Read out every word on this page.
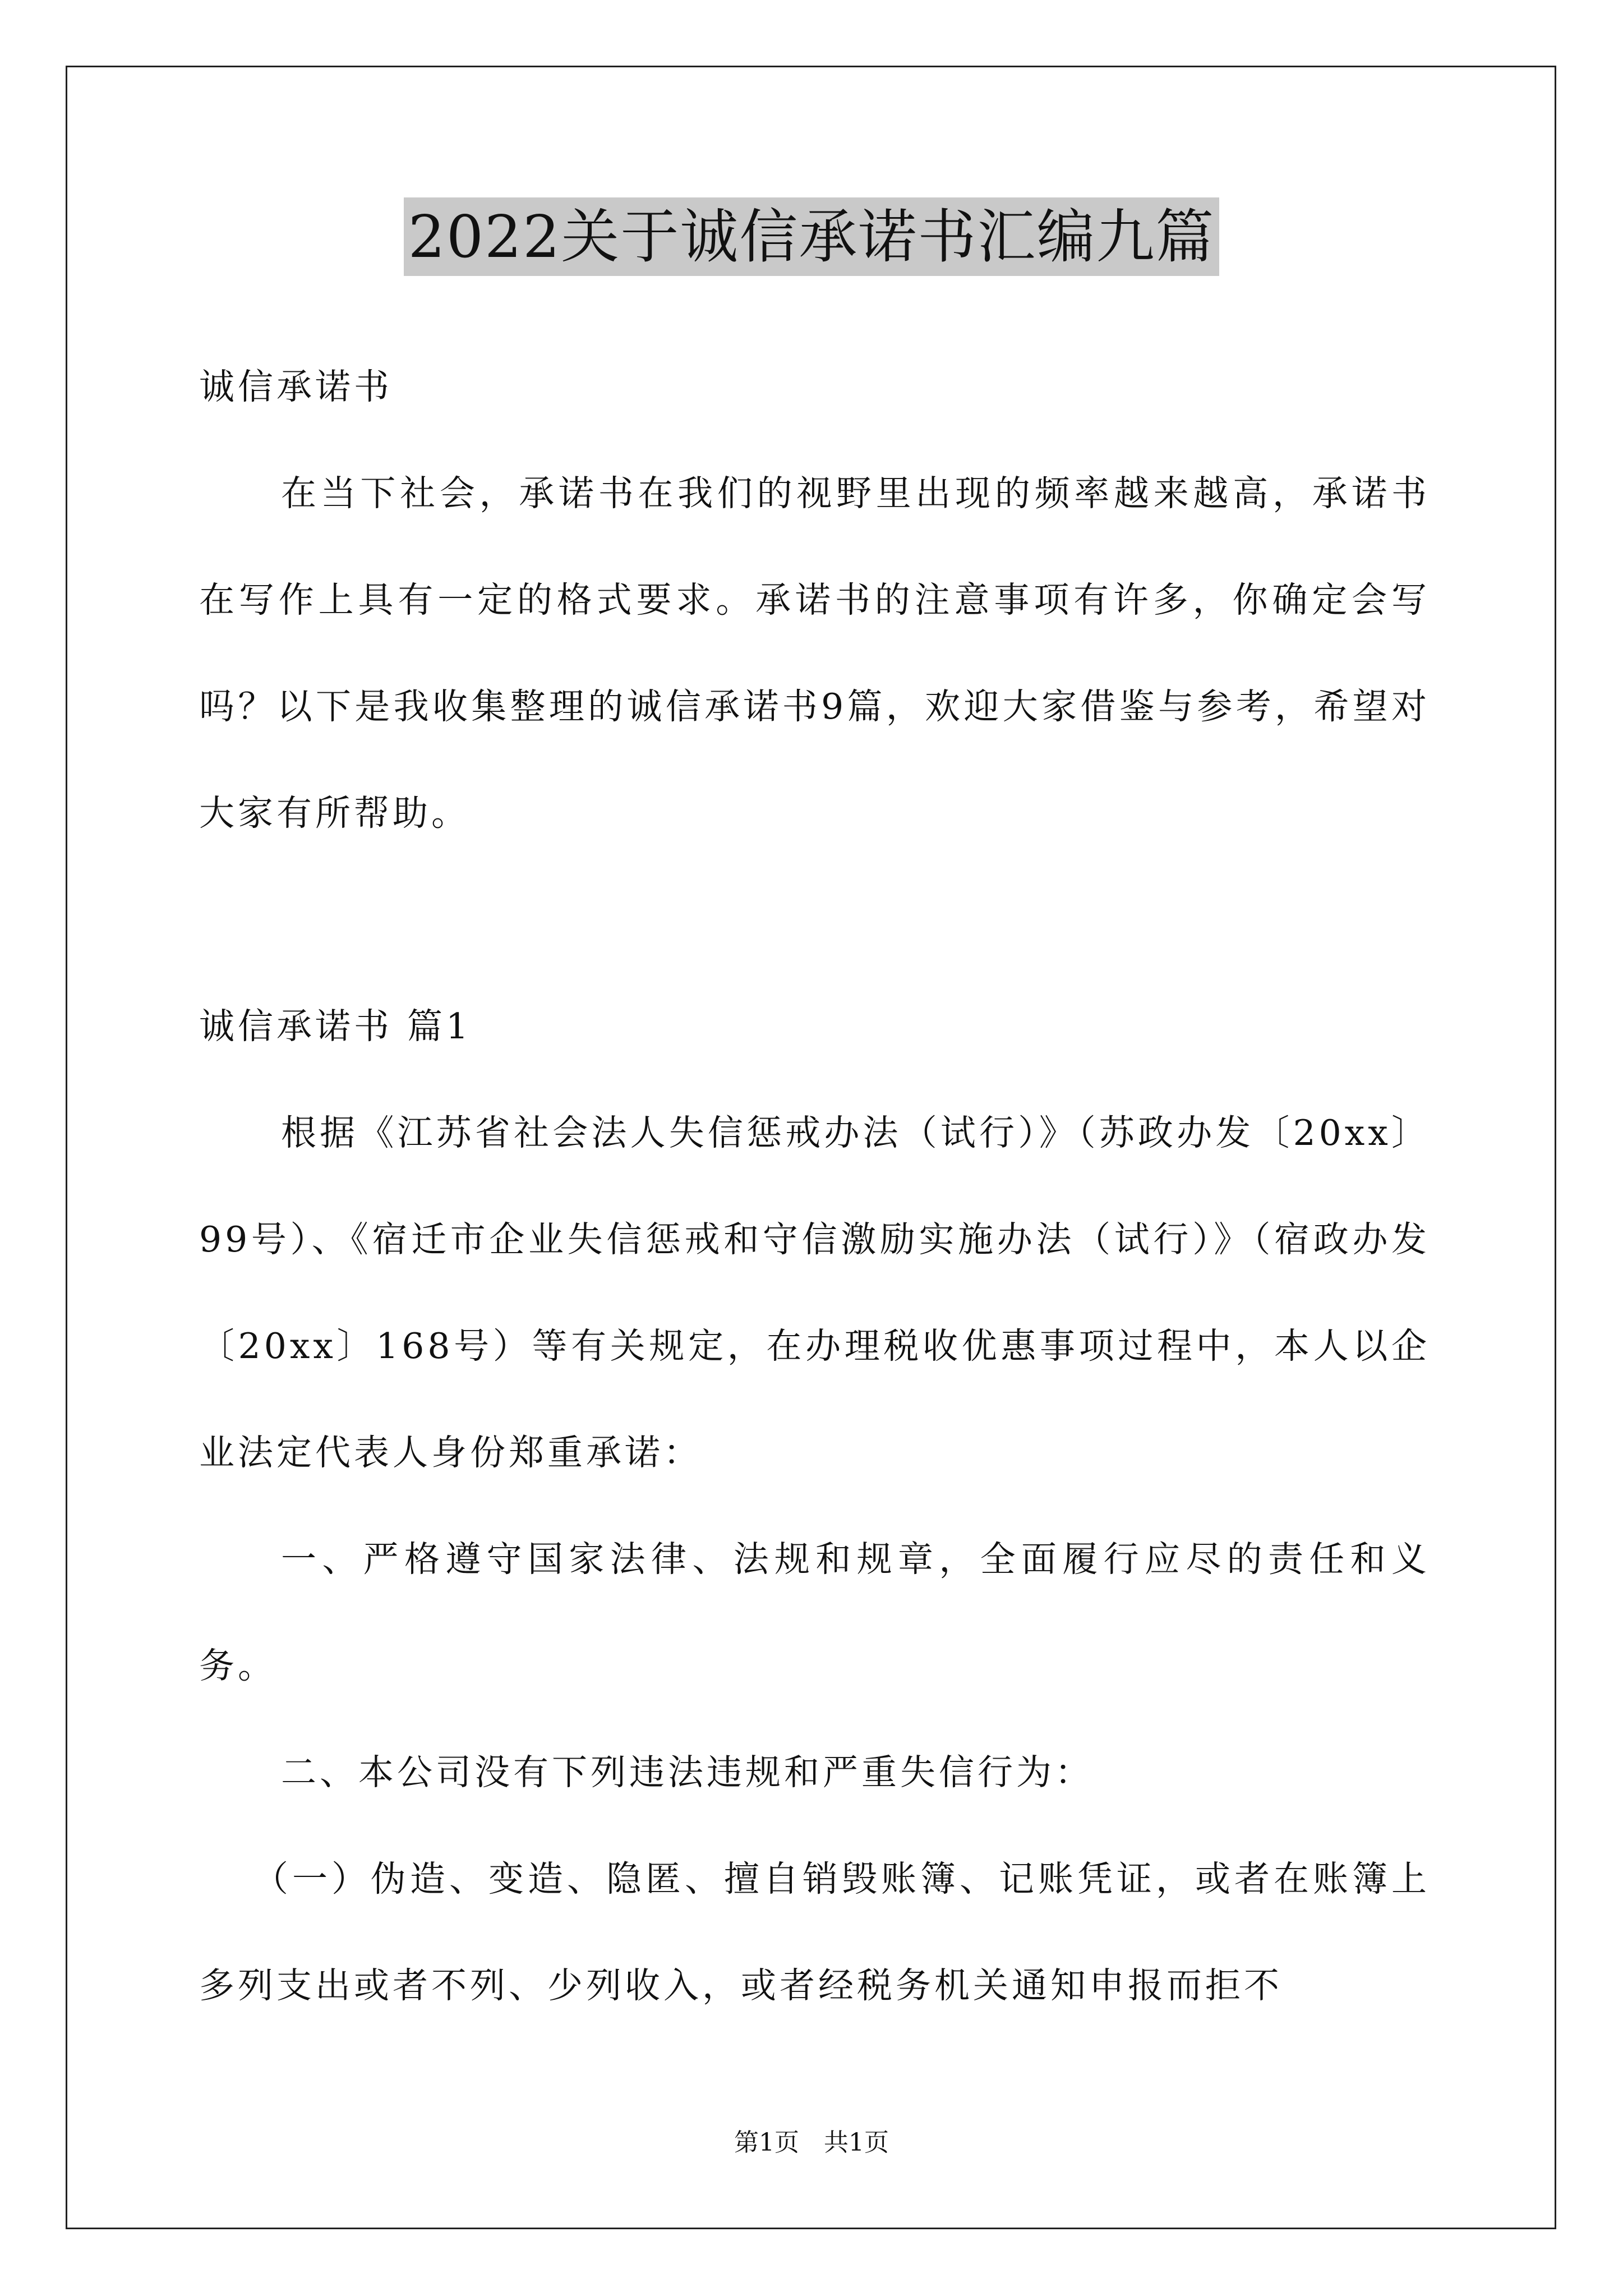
2022关于诚信承诺书汇编九篇

诚信承诺书

在当下社会，承诺书在我们的视野里出现的频率越来越高，承诺书在写作上具有一定的格式要求。承诺书的注意事项有许多，你确定会写吗？以下是我收集整理的诚信承诺书9篇，欢迎大家借鉴与参考，希望对大家有所帮助。

诚信承诺书 篇1

根据《江苏省社会法人失信惩戒办法（试行）》（苏政办发〔20xx〕99号）、《宿迁市企业失信惩戒和守信激励实施办法（试行）》（宿政办发〔20xx〕168号）等有关规定，在办理税收优惠事项过程中，本人以企业法定代表人身份郑重承诺：

一、严格遵守国家法律、法规和规章，全面履行应尽的责任和义务。

二、本公司没有下列违法违规和严重失信行为：

（一）伪造、变造、隐匿、擅自销毁账簿、记账凭证，或者在账簿上多列支出或者不列、少列收入，或者经税务机关通知申报而拒不

第1页　共1页
